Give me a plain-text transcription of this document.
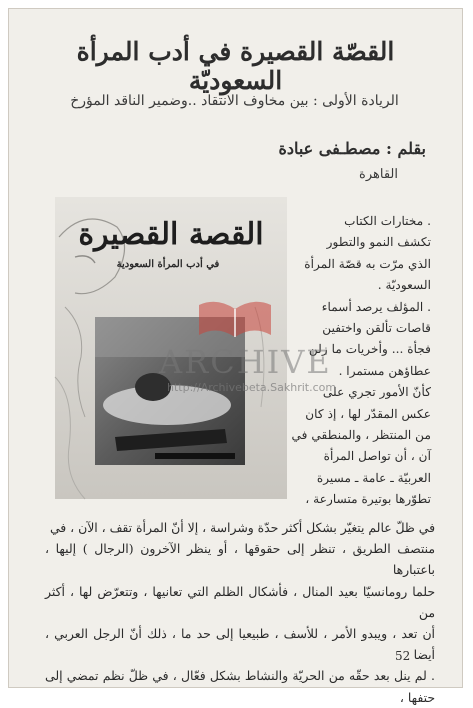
القصّة القصيرة في أدب المرأة السعوديّة
الريادة الأولى : بين مخاوف الانتقاد ..وضمير الناقد المؤرخ
بقلم : مصطـفى عبادة
القاهرة
القصة القصيرة
في أدب المرأة السعودية

. مختارات الكتاب

تكشف النمو والتطور

الذي مرّت به قصّة المرأة

السعوديّة .

. المؤلف يرصد أسماء

قاصات تألقن واختفين

فجأة ... وأخريات ما زلن

عطاؤهن مستمرا .

كأنّ الأمور تجري على

عكس المقدّر لها ، إذ كان

من المنتظر ، والمنطقي في

آن ، أن تواصل المرأة

العربيّة ـ عامة ـ مسيرة

تطوّرها بوتيرة متسارعة ،

في ظلّ عالم يتغيّر بشكل أكثر حدّة وشراسة ، إلا أنّ المرأة تقف ، الآن ، في

منتصف الطريق ، تنظر إلى حقوقها ، أو ينظر الآخرون (الرجال ) إليها ، باعتبارها

حلما رومانسيّا بعيد المنال ، فأشكال الظلم التي تعانيها ، وتتعرّض لها ، أكثر من

أن تعد ، ويبدو الأمر ، للأسف ، طبيعيا إلى حد ما ، ذلك أنّ الرجل العربي ، أيضا

. لم ينل بعد حقّه من الحريّة والنشاط بشكل فعّال ، في ظلّ نظم تمضي إلى حتفها ،

ARCHIVE
http://Archivebeta.Sakhrit.com
52
